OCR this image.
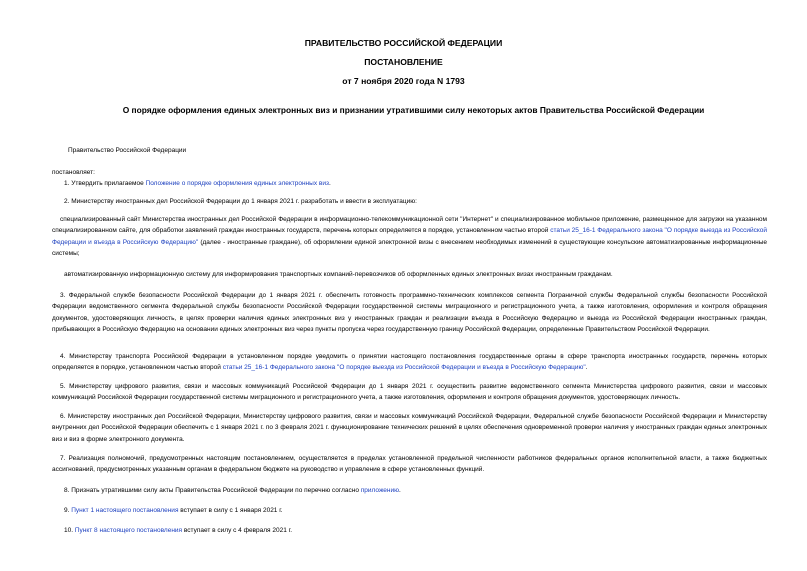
ПРАВИТЕЛЬСТВО РОССИЙСКОЙ ФЕДЕРАЦИИ
ПОСТАНОВЛЕНИЕ
от 7 ноября 2020 года N 1793
О порядке оформления единых электронных виз и признании утратившими силу некоторых актов Правительства Российской Федерации
Правительство Российской Федерации
постановляет:
1. Утвердить прилагаемое Положение о порядке оформления единых электронных виз.
2. Министерству иностранных дел Российской Федерации до 1 января 2021 г. разработать и ввести в эксплуатацию:
специализированный сайт Министерства иностранных дел Российской Федерации в информационно-телекоммуникационной сети "Интернет" и специализированное мобильное приложение, размещенное для загрузки на указанном специализированном сайте, для обработки заявлений граждан иностранных государств, перечень которых определяется в порядке, установленном частью второй статьи 25_16-1 Федерального закона "О порядке выезда из Российской Федерации и въезда в Российскую Федерацию" (далее - иностранные граждане), об оформлении единой электронной визы с внесением необходимых изменений в существующие консульские автоматизированные информационные системы;
автоматизированную информационную систему для информирования транспортных компаний-перевозчиков об оформленных единых электронных визах иностранным гражданам.
3. Федеральной службе безопасности Российской Федерации до 1 января 2021 г. обеспечить готовность программно-технических комплексов сегмента Пограничной службы Федеральной службы безопасности Российской Федерации ведомственного сегмента Федеральной службы безопасности Российской Федерации государственной системы миграционного и регистрационного учета, а также изготовления, оформления и контроля обращения документов, удостоверяющих личность, в целях проверки наличия единых электронных виз у иностранных граждан и реализации въезда в Российскую Федерацию и выезда из Российской Федерации иностранных граждан, прибывающих в Российскую Федерацию на основании единых электронных виз через пункты пропуска через государственную границу Российской Федерации, определенные Правительством Российской Федерации.
4. Министерству транспорта Российской Федерации в установленном порядке уведомить о принятии настоящего постановления государственные органы в сфере транспорта иностранных государств, перечень которых определяется в порядке, установленном частью второй статьи 25_16-1 Федерального закона "О порядке выезда из Российской Федерации и въезда в Российскую Федерацию".
5. Министерству цифрового развития, связи и массовых коммуникаций Российской Федерации до 1 января 2021 г. осуществить развитие ведомственного сегмента Министерства цифрового развития, связи и массовых коммуникаций Российской Федерации государственной системы миграционного и регистрационного учета, а также изготовления, оформления и контроля обращения документов, удостоверяющих личность.
6. Министерству иностранных дел Российской Федерации, Министерству цифрового развития, связи и массовых коммуникаций Российской Федерации, Федеральной службе безопасности Российской Федерации и Министерству внутренних дел Российской Федерации обеспечить с 1 января 2021 г. по 3 февраля 2021 г. функционирование технических решений в целях обеспечения одновременной проверки наличия у иностранных граждан единых электронных виз и виз в форме электронного документа.
7. Реализация полномочий, предусмотренных настоящим постановлением, осуществляется в пределах установленной предельной численности работников федеральных органов исполнительной власти, а также бюджетных ассигнований, предусмотренных указанным органам в федеральном бюджете на руководство и управление в сфере установленных функций.
8. Признать утратившими силу акты Правительства Российской Федерации по перечню согласно приложению.
9. Пункт 1 настоящего постановления вступает в силу с 1 января 2021 г.
10. Пункт 8 настоящего постановления вступает в силу с 4 февраля 2021 г.
